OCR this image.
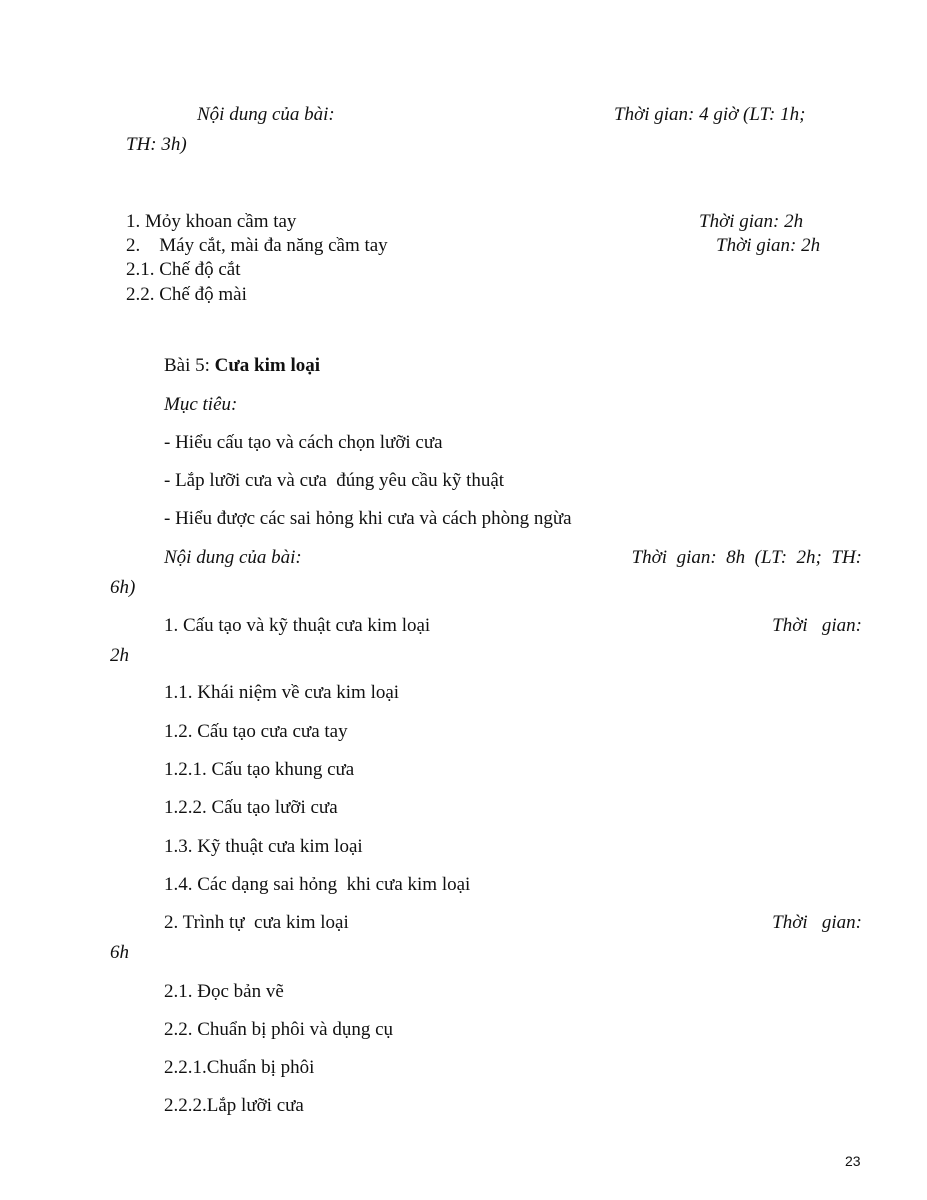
Nội dung của bài:	Thời gian: 4 giờ (LT: 1h;
TH: 3h)
1. Mỏy khoan cầm tay	Thời gian: 2h
2.    Máy cắt, mài đa năng cầm tay	Thời gian: 2h
2.1. Chế độ cắt
2.2. Chế độ mài
Bài 5: Cưa kim loại
Mục tiêu:
- Hiểu cấu tạo và cách chọn lưỡi cưa
- Lắp lưỡi cưa và cưa  đúng yêu cầu kỹ thuật
- Hiểu được các sai hỏng khi cưa và cách phòng ngừa
Nội dung của bài:	Thời  gian:  8h  (LT:  2h;  TH:
6h)
1. Cấu tạo và kỹ thuật cưa kim loại	Thời   gian:
2h
1.1. Khái niệm về cưa kim loại
1.2. Cấu tạo cưa cưa tay
1.2.1. Cấu tạo khung cưa
1.2.2. Cấu tạo lưỡi cưa
1.3. Kỹ thuật cưa kim loại
1.4. Các dạng sai hỏng  khi cưa kim loại
2. Trình tự  cưa kim loại	Thời   gian:
6h
2.1. Đọc bản vẽ
2.2. Chuẩn bị phôi và dụng cụ
2.2.1.Chuẩn bị phôi
2.2.2.Lắp lưỡi cưa
23
